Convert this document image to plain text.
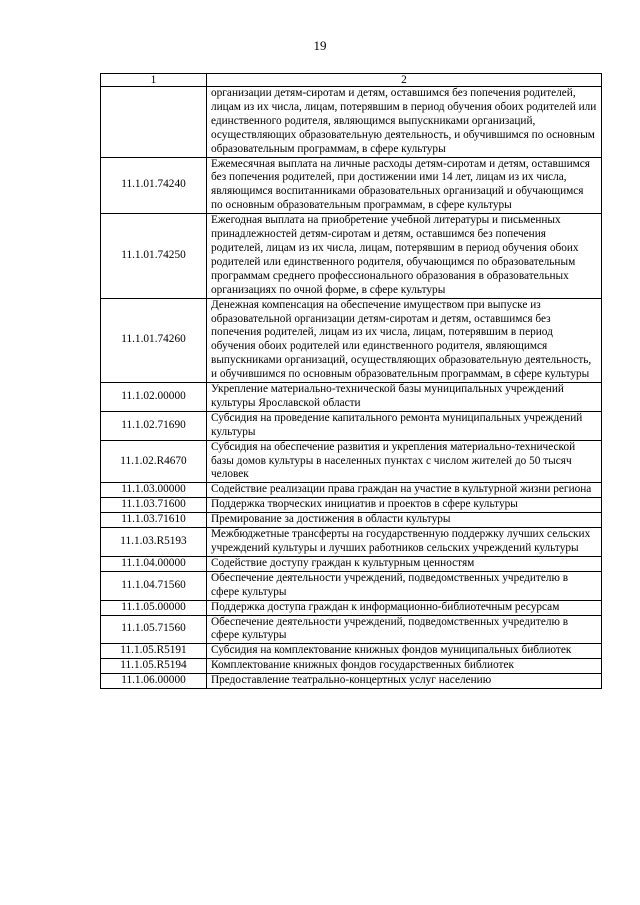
19
1	2
	организации детям-сиротам и детям, оставшимся без попечения родителей, лицам из их числа, лицам, потерявшим в период обучения обоих родителей или единственного родителя, являющимся выпускниками организаций, осуществляющих образовательную деятельность, и обучившимся по основным образовательным программам, в сфере культуры
11.1.01.74240	Ежемесячная выплата на личные расходы детям-сиротам и детям, оставшимся без попечения родителей, при достижении ими 14 лет, лицам из их числа, являющимся воспитанниками образовательных организаций и обучающимся по основным образовательным программам, в сфере культуры
11.1.01.74250	Ежегодная выплата на приобретение учебной литературы и письменных принадлежностей детям-сиротам и детям, оставшимся без попечения родителей, лицам из их числа, лицам, потерявшим в период обучения обоих родителей или единственного родителя, обучающимся по образовательным программам среднего профессионального образования в образовательных организациях по очной форме, в сфере культуры
11.1.01.74260	Денежная компенсация на обеспечение имуществом при выпуске из образовательной организации детям-сиротам и детям, оставшимся без попечения родителей, лицам из их числа, лицам, потерявшим в период обучения обоих родителей или единственного родителя, являющимся выпускниками организаций, осуществляющих образовательную деятельность, и обучившимся по основным образовательным программам, в сфере культуры
11.1.02.00000	Укрепление материально-технической базы муниципальных учреждений культуры Ярославской области
11.1.02.71690	Субсидия на проведение капитального ремонта муниципальных учреждений культуры
11.1.02.R4670	Субсидия на обеспечение развития и укрепления материально-технической базы домов культуры в населенных пунктах с числом жителей до 50 тысяч человек
11.1.03.00000	Содействие реализации права граждан на участие в культурной жизни региона
11.1.03.71600	Поддержка творческих инициатив и проектов в сфере культуры
11.1.03.71610	Премирование за достижения в области культуры
11.1.03.R5193	Межбюджетные трансферты на государственную поддержку лучших сельских учреждений культуры и лучших работников сельских учреждений культуры
11.1.04.00000	Содействие доступу граждан к культурным ценностям
11.1.04.71560	Обеспечение деятельности учреждений, подведомственных учредителю в сфере культуры
11.1.05.00000	Поддержка доступа граждан к информационно-библиотечным ресурсам
11.1.05.71560	Обеспечение деятельности учреждений, подведомственных учредителю в сфере культуры
11.1.05.R5191	Субсидия на комплектование книжных фондов муниципальных библиотек
11.1.05.R5194	Комплектование книжных фондов государственных библиотек
11.1.06.00000	Предоставление театрально-концертных услуг населению
